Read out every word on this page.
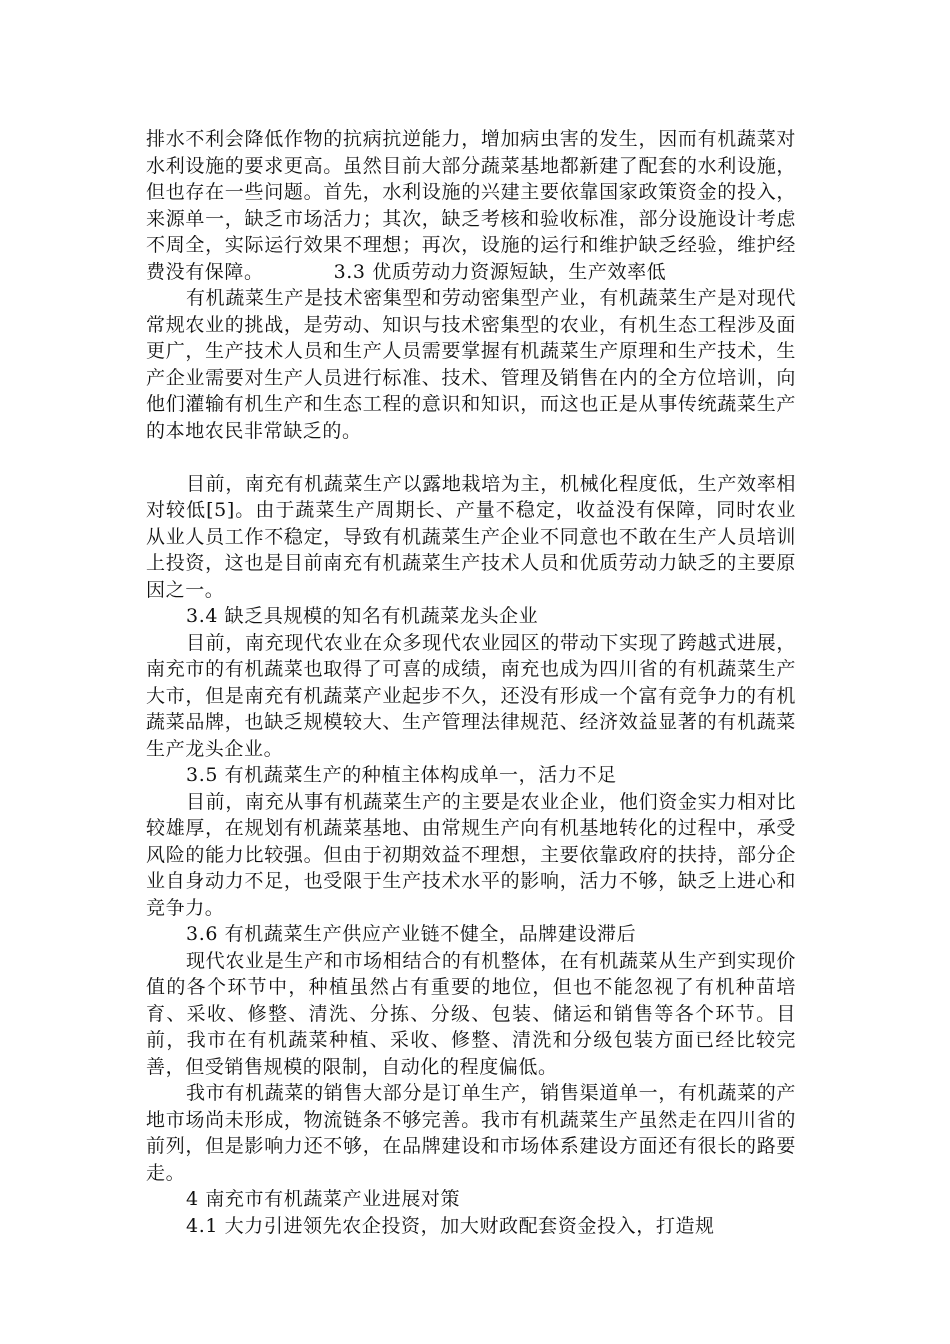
排水不利会降低作物的抗病抗逆能力，增加病虫害的发生，因而有机蔬菜对水利设施的要求更高。虽然目前大部分蔬菜基地都新建了配套的水利设施，但也存在一些问题。首先，水利设施的兴建主要依靠国家政策资金的投入，来源单一，缺乏市场活力；其次，缺乏考核和验收标准，部分设施设计考虑不周全，实际运行效果不理想；再次，设施的运行和维护缺乏经验，维护经费没有保障。	3.3 优质劳动力资源短缺，生产效率低

有机蔬菜生产是技术密集型和劳动密集型产业，有机蔬菜生产是对现代常规农业的挑战，是劳动、知识与技术密集型的农业，有机生态工程涉及面更广，生产技术人员和生产人员需要掌握有机蔬菜生产原理和生产技术，生产企业需要对生产人员进行标准、技术、管理及销售在内的全方位培训，向他们灌输有机生产和生态工程的意识和知识，而这也正是从事传统蔬菜生产的本地农民非常缺乏的。

目前，南充有机蔬菜生产以露地栽培为主，机械化程度低，生产效率相对较低[5]。由于蔬菜生产周期长、产量不稳定，收益没有保障，同时农业从业人员工作不稳定，导致有机蔬菜生产企业不同意也不敢在生产人员培训上投资，这也是目前南充有机蔬菜生产技术人员和优质劳动力缺乏的主要原因之一。

3.4 缺乏具规模的知名有机蔬菜龙头企业

目前，南充现代农业在众多现代农业园区的带动下实现了跨越式进展，南充市的有机蔬菜也取得了可喜的成绩，南充也成为四川省的有机蔬菜生产大市，但是南充有机蔬菜产业起步不久，还没有形成一个富有竞争力的有机蔬菜品牌，也缺乏规模较大、生产管理法律规范、经济效益显著的有机蔬菜生产龙头企业。

3.5 有机蔬菜生产的种植主体构成单一，活力不足

目前，南充从事有机蔬菜生产的主要是农业企业，他们资金实力相对比较雄厚，在规划有机蔬菜基地、由常规生产向有机基地转化的过程中，承受风险的能力比较强。但由于初期效益不理想，主要依靠政府的扶持，部分企业自身动力不足，也受限于生产技术水平的影响，活力不够，缺乏上进心和竞争力。

3.6 有机蔬菜生产供应产业链不健全，品牌建设滞后

现代农业是生产和市场相结合的有机整体，在有机蔬菜从生产到实现价值的各个环节中，种植虽然占有重要的地位，但也不能忽视了有机种苗培育、采收、修整、清洗、分拣、分级、包装、储运和销售等各个环节。目前，我市在有机蔬菜种植、采收、修整、清洗和分级包装方面已经比较完善，但受销售规模的限制，自动化的程度偏低。

我市有机蔬菜的销售大部分是订单生产，销售渠道单一，有机蔬菜的产地市场尚未形成，物流链条不够完善。我市有机蔬菜生产虽然走在四川省的前列，但是影响力还不够，在品牌建设和市场体系建设方面还有很长的路要走。

4 南充市有机蔬菜产业进展对策

4.1 大力引进领先农企投资，加大财政配套资金投入，打造规
